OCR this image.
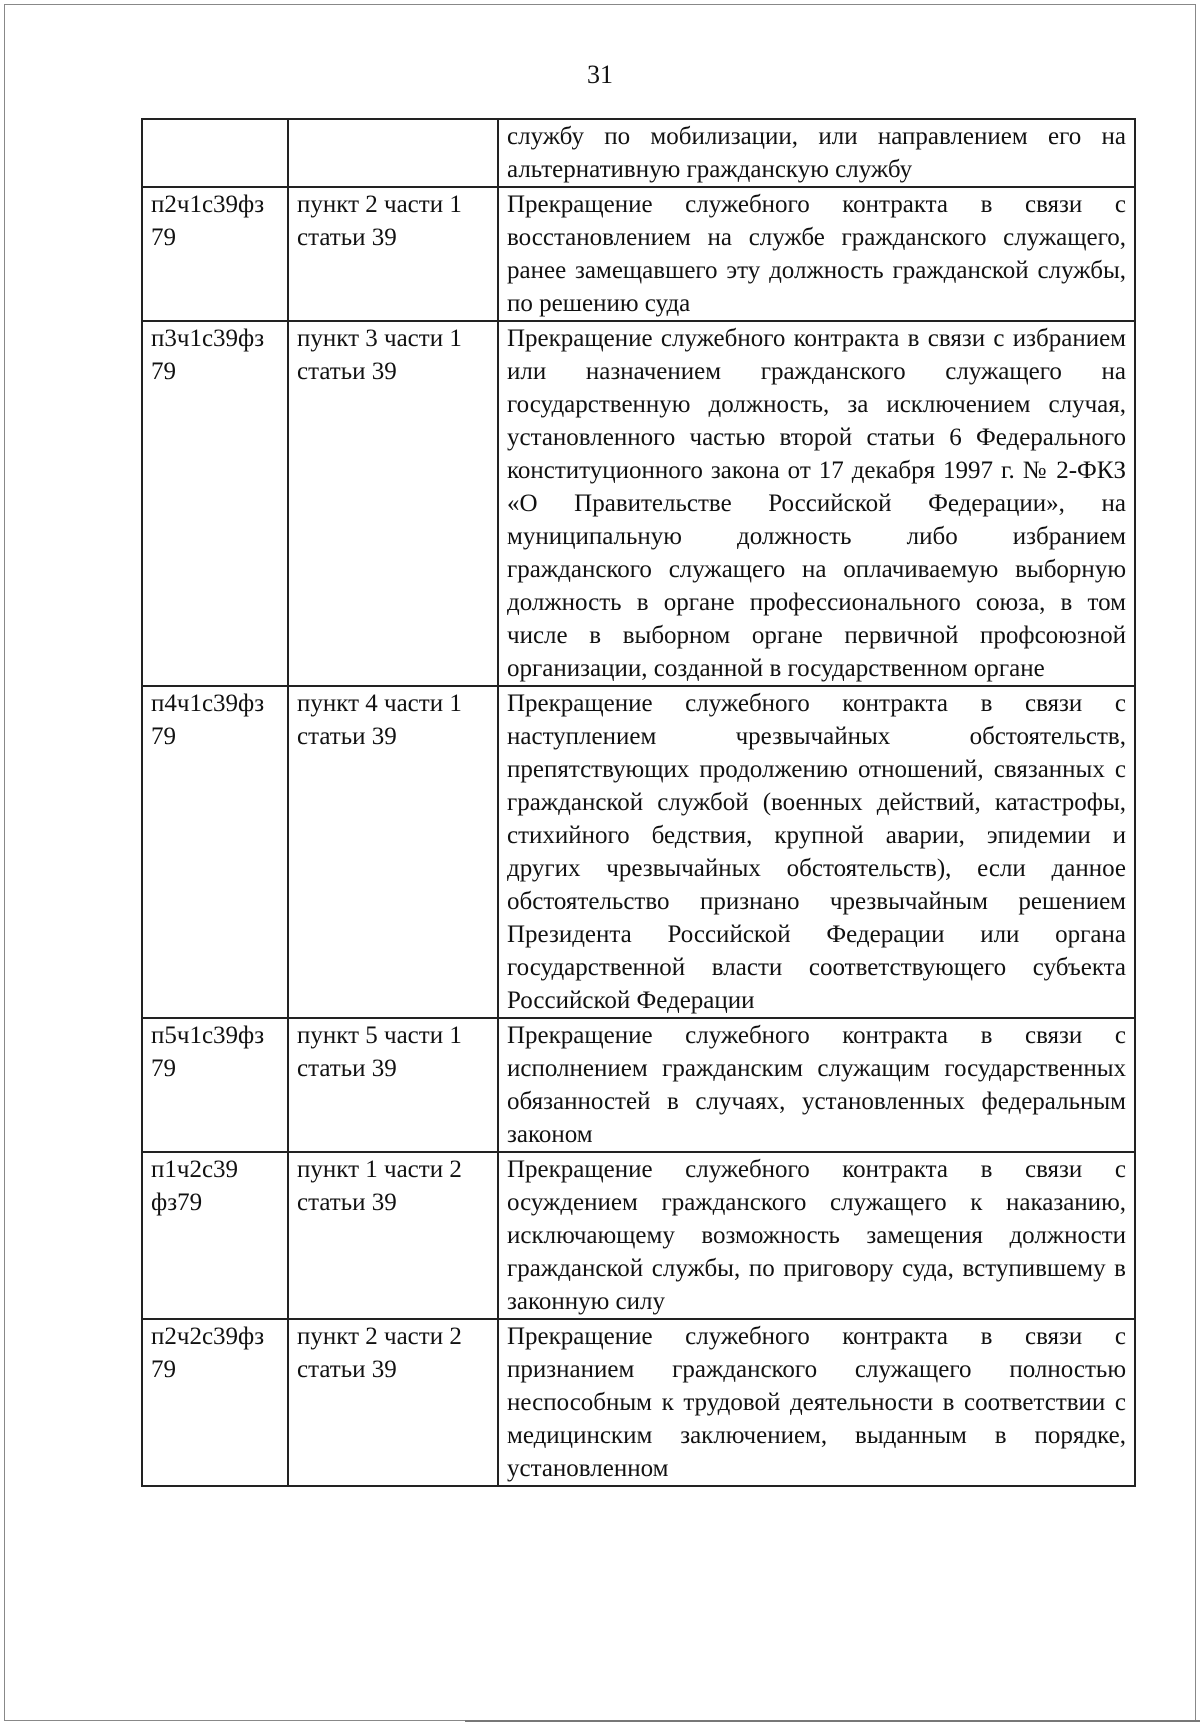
31
		службу по мобилизации, или направлением его на альтернативную гражданскую службу
п2ч1с39фз 79	пункт 2 части 1 статьи 39	Прекращение служебного контракта в связи с восстановлением на службе гражданского служащего, ранее замещавшего эту должность гражданской службы, по решению суда
п3ч1с39фз 79	пункт 3 части 1 статьи 39	Прекращение служебного контракта в связи с избранием или назначением гражданского служащего на государственную должность, за исключением случая, установленного частью второй статьи 6 Федерального конституционного закона от 17 декабря 1997 г. № 2-ФКЗ «О Правительстве Российской Федерации», на муниципальную должность либо избранием гражданского служащего на оплачиваемую выборную должность в органе профессионального союза, в том числе в выборном органе первичной профсоюзной организации, созданной в государственном органе
п4ч1с39фз 79	пункт 4 части 1 статьи 39	Прекращение служебного контракта в связи с наступлением чрезвычайных обстоятельств, препятствующих продолжению отношений, связанных с гражданской службой (военных действий, катастрофы, стихийного бедствия, крупной аварии, эпидемии и других чрезвычайных обстоятельств), если данное обстоятельство признано чрезвычайным решением Президента Российской Федерации или органа государственной власти соответствующего субъекта Российской Федерации
п5ч1с39фз 79	пункт 5 части 1 статьи 39	Прекращение служебного контракта в связи с исполнением гражданским служащим государственных обязанностей в случаях, установленных федеральным законом
п1ч2с39 фз79	пункт 1 части 2 статьи 39	Прекращение служебного контракта в связи с осуждением гражданского служащего к наказанию, исключающему возможность замещения должности гражданской службы, по приговору суда, вступившему в законную силу
п2ч2с39фз 79	пункт 2 части 2 статьи 39	Прекращение служебного контракта в связи с признанием гражданского служащего полностью неспособным к трудовой деятельности в соответствии с медицинским заключением, выданным в порядке, установленном
